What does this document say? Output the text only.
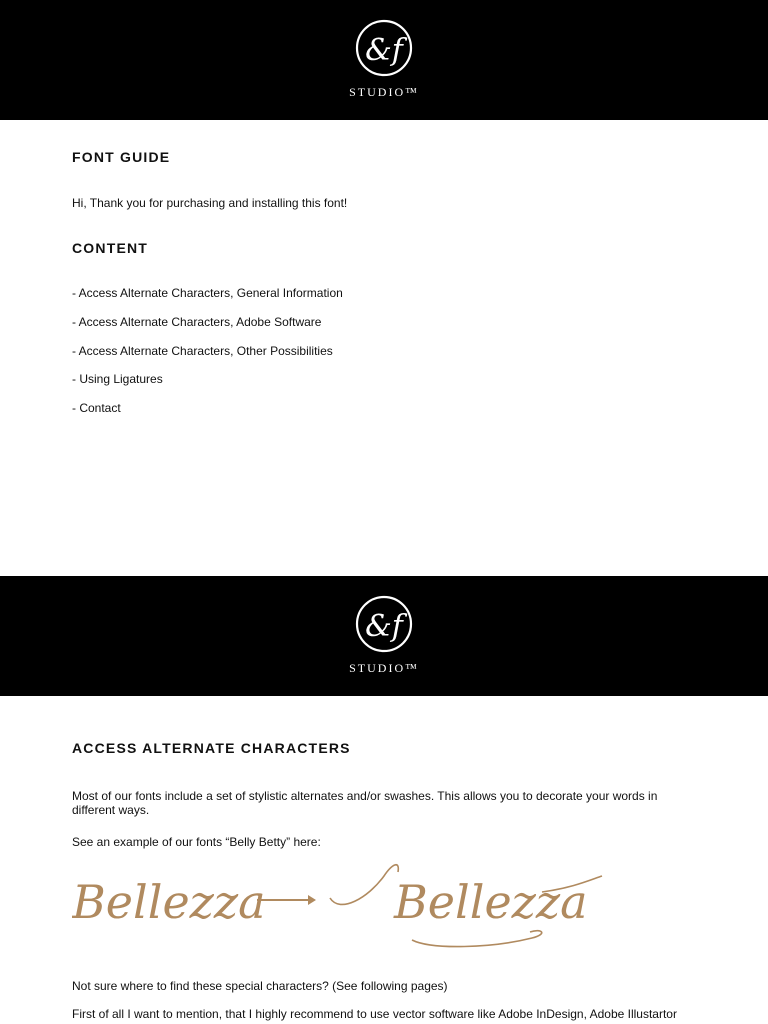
&f
STUDIO™
FONT GUIDE

Hi, Thank you for purchasing and installing this font!

CONTENT
- Access Alternate Characters, General Information
- Access Alternate Characters, Adobe Software
- Access Alternate Characters, Other Possibilities
- Using Ligatures
- Contact
&f
STUDIO™
ACCESS ALTERNATE CHARACTERS

Most of our fonts include a set of stylistic alternates and/or swashes. This allows you to decorate your words in different ways.

See an example of our fonts “Belly Betty” here:

Bellezza	Bellezza

Not sure where to find these special characters? (See following pages)

First of all I want to mention, that I highly recommend to use vector software like Adobe InDesign, Adobe Illustartor
